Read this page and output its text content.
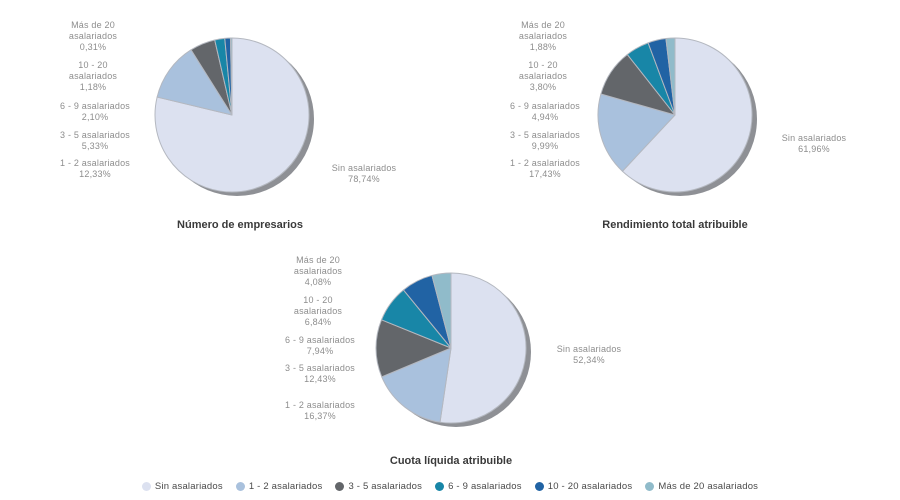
Número de empresarios
Más de 20 asalariados
0,31%
10 - 20 asalariados
1,18%
6 - 9 asalariados
2,10%
3 - 5 asalariados
5,33%
1 - 2 asalariados
12,33%
Sin asalariados
78,74%
Rendimiento total atribuible
Más de 20 asalariados
1,88%
10 - 20 asalariados
3,80%
6 - 9 asalariados
4,94%
3 - 5 asalariados
9,99%
1 - 2 asalariados
17,43%
Sin asalariados
61,96%
Cuota líquida atribuible
Más de 20 asalariados
4,08%
10 - 20 asalariados
6,84%
6 - 9 asalariados
7,94%
3 - 5 asalariados
12,43%
1 - 2 asalariados
16,37%
Sin asalariados
52,34%
Sin asalariados	1 - 2 asalariados	3 - 5 asalariados	6 - 9 asalariados	10 - 20 asalariados	Más de 20 asalariados
